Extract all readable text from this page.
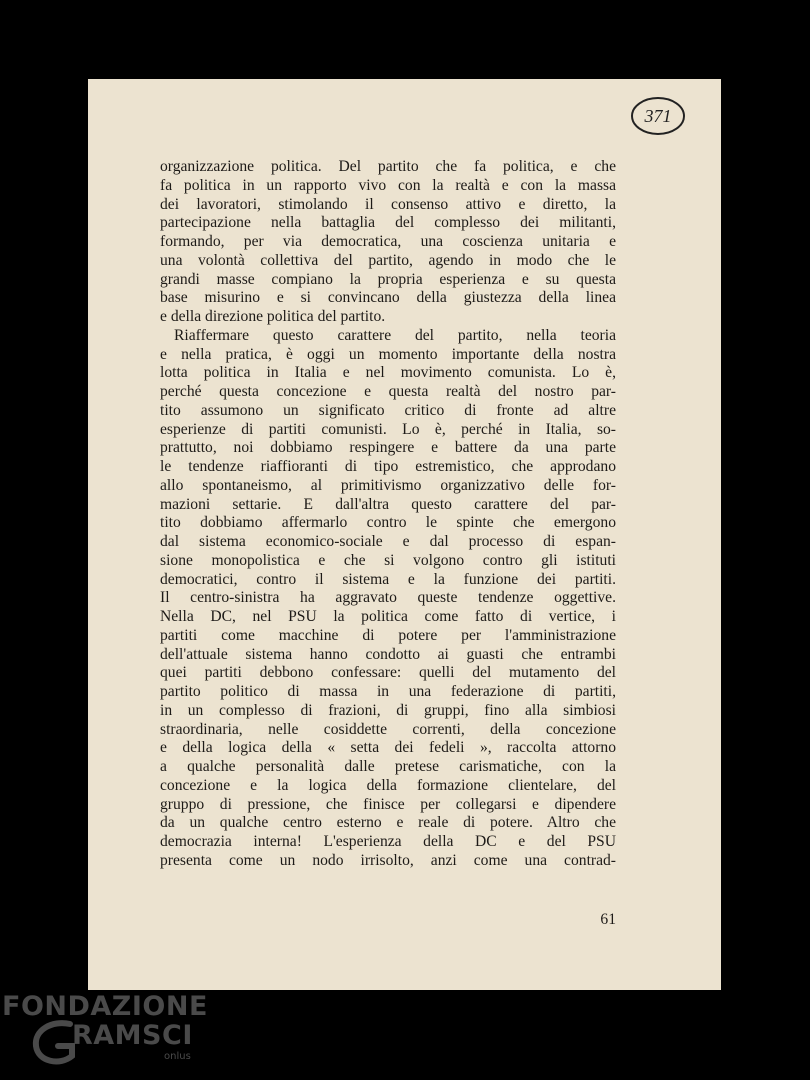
371
organizzazione politica. Del partito che fa politica, e che
fa politica in un rapporto vivo con la realtà e con la massa
dei lavoratori, stimolando il consenso attivo e diretto, la
partecipazione nella battaglia del complesso dei militanti,
formando, per via democratica, una coscienza unitaria e
una volontà collettiva del partito, agendo in modo che le
grandi masse compiano la propria esperienza e su questa
base misurino e si convincano della giustezza della linea
e della direzione politica del partito.
Riaffermare questo carattere del partito, nella teoria
e nella pratica, è oggi un momento importante della nostra
lotta politica in Italia e nel movimento comunista. Lo è,
perché questa concezione e questa realtà del nostro par-
tito assumono un significato critico di fronte ad altre
esperienze di partiti comunisti. Lo è, perché in Italia, so-
prattutto, noi dobbiamo respingere e battere da una parte
le tendenze riaffioranti di tipo estremistico, che approdano
allo spontaneismo, al primitivismo organizzativo delle for-
mazioni settarie. E dall'altra questo carattere del par-
tito dobbiamo affermarlo contro le spinte che emergono
dal sistema economico-sociale e dal processo di espan-
sione monopolistica e che si volgono contro gli istituti
democratici, contro il sistema e la funzione dei partiti.
Il centro-sinistra ha aggravato queste tendenze oggettive.
Nella DC, nel PSU la politica come fatto di vertice, i
partiti come macchine di potere per l'amministrazione
dell'attuale sistema hanno condotto ai guasti che entrambi
quei partiti debbono confessare: quelli del mutamento del
partito politico di massa in una federazione di partiti,
in un complesso di frazioni, di gruppi, fino alla simbiosi
straordinaria, nelle cosiddette correnti, della concezione
e della logica della « setta dei fedeli », raccolta attorno
a qualche personalità dalle pretese carismatiche, con la
concezione e la logica della formazione clientelare, del
gruppo di pressione, che finisce per collegarsi e dipendere
da un qualche centro esterno e reale di potere. Altro che
democrazia interna! L'esperienza della DC e del PSU
presenta come un nodo irrisolto, anzi come una contrad-
61
FONDAZIONE
RAMSCI
onlus
